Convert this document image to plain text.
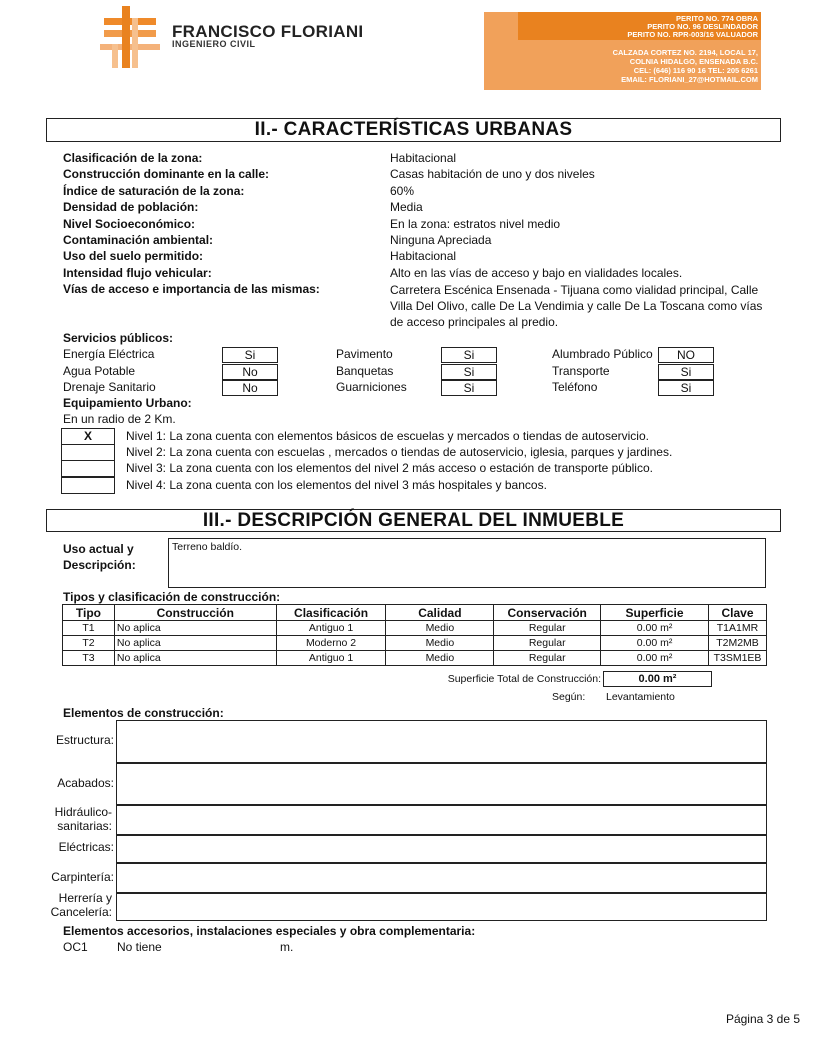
FRANCISCO FLORIANI
INGENIERO CIVIL
PERITO NO. 774 OBRA
PERITO NO. 96 DESLINDADOR
PERITO NO. RPR-003/16 VALUADOR
CALZADA CORTEZ NO. 2194, LOCAL 17,
COLNIA HIDALGO, ENSENADA B.C.
CEL: (646) 116 90 16 TEL: 205 6261
EMAIL: FLORIANI_27@HOTMAIL.COM
II.- CARACTERÍSTICAS URBANAS
Clasificación de la zona:	Habitacional
Construcción dominante en la calle:	Casas habitación de uno y dos niveles
Índice de saturación de la zona:	60%
Densidad de población:	Media
Nivel Socioeconómico:	En la zona: estratos nivel medio
Contaminación ambiental:	Ninguna Apreciada
Uso del suelo permitido:	Habitacional
Intensidad flujo vehicular:	Alto en las vías de acceso y bajo en vialidades locales.
Vías de acceso e importancia de las mismas:	Carretera Escénica Ensenada - Tijuana como vialidad principal, Calle
Villa Del Olivo, calle De La Vendimia y calle De La Toscana como vías
de acceso principales al predio.
Servicios públicos:
Energía Eléctrica	Si	Pavimento	Si	Alumbrado Público	NO
Agua Potable	No	Banquetas	Si	Transporte	Si
Drenaje Sanitario	No	Guarniciones	Si	Teléfono	Si
Equipamiento Urbano:
En un radio de 2 Km.
X	Nivel 1: La zona cuenta con elementos básicos de escuelas y mercados o tiendas de autoservicio.
Nivel 2: La zona cuenta con escuelas , mercados o tiendas de autoservicio, iglesia, parques y jardines.
Nivel 3: La zona cuenta con los elementos del nivel 2 más acceso o estación de transporte público.
Nivel 4: La zona cuenta con los elementos del nivel 3 más hospitales y bancos.
III.- DESCRIPCIÓN GENERAL DEL INMUEBLE
Uso actual y
Descripción:
Terreno baldío.
Tipos y clasificación de construcción:
Tipo	Construcción	Clasificación	Calidad	Conservación	Superficie	Clave
T1	No aplica	Antiguo 1	Medio	Regular	0.00 m²	T1A1MR
T2	No aplica	Moderno 2	Medio	Regular	0.00 m²	T2M2MB
T3	No aplica	Antiguo 1	Medio	Regular	0.00 m²	T3SM1EB
Superficie Total de Construcción:	0.00 m²
Según: Levantamiento
Elementos de construcción:
Estructura:
Acabados:
Hidráulico-sanitarias:
Eléctricas:
Carpintería:
Herrería y Cancelería:
Elementos accesorios, instalaciones especiales y obra complementaria:
OC1 No tiene	m.
Página 3 de 5
